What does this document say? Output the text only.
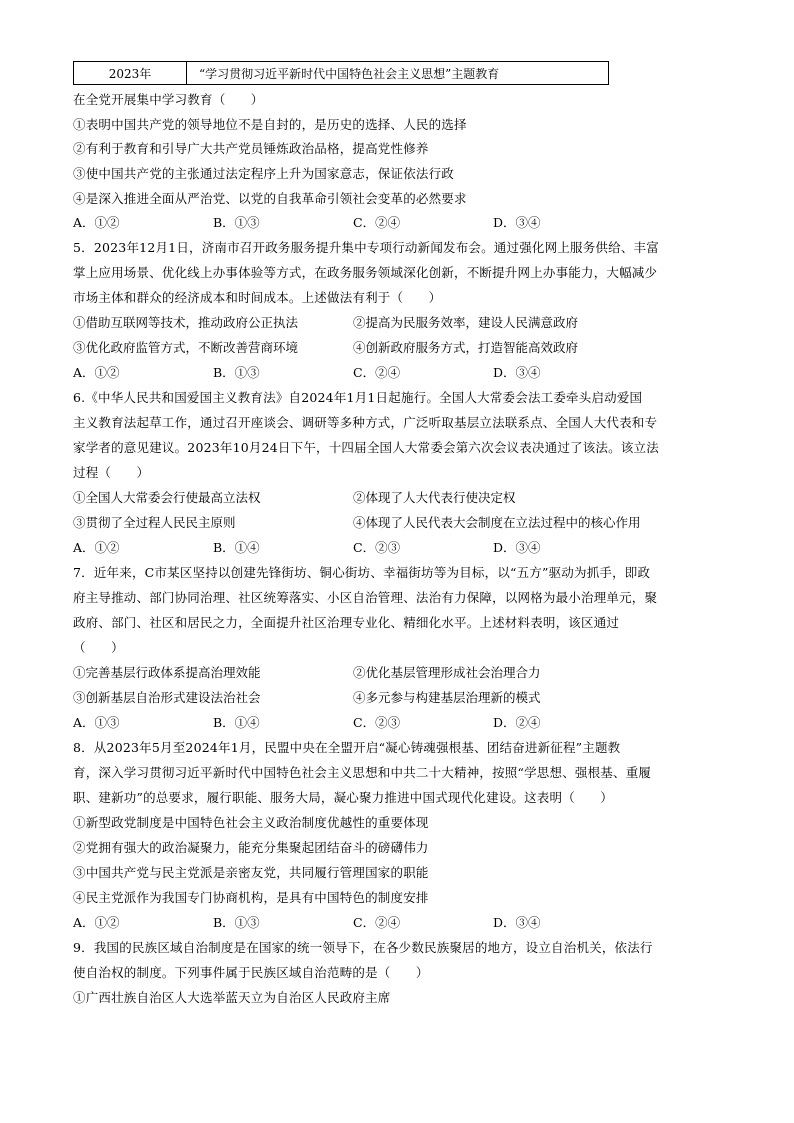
2023年	“学习贯彻习近平新时代中国特色社会主义思想”主题教育
在全党开展集中学习教育（　　）
①表明中国共产党的领导地位不是自封的，是历史的选择、人民的选择
②有利于教育和引导广大共产党员锤炼政治品格，提高党性修养
③使中国共产党的主张通过法定程序上升为国家意志，保证依法行政
④是深入推进全面从严治党、以党的自我革命引领社会变革的必然要求
A．①②	B．①③	C．②④	D．③④
5．2023年12月1日，济南市召开政务服务提升集中专项行动新闻发布会。通过强化网上服务供给、丰富
掌上应用场景、优化线上办事体验等方式，在政务服务领域深化创新，不断提升网上办事能力，大幅减少
市场主体和群众的经济成本和时间成本。上述做法有利于（　　）
①借助互联网等技术，推动政府公正执法	②提高为民服务效率，建设人民满意政府
③优化政府监管方式，不断改善营商环境	④创新政府服务方式，打造智能高效政府
A．①②	B．①③	C．②④	D．③④
6.《中华人民共和国爱国主义教育法》自2024年1月1日起施行。全国人大常委会法工委牵头启动爱国
主义教育法起草工作，通过召开座谈会、调研等多种方式，广泛听取基层立法联系点、全国人大代表和专
家学者的意见建议。2023年10月24日下午，十四届全国人大常委会第六次会议表决通过了该法。该立法
过程（　　）
①全国人大常委会行使最高立法权	②体现了人大代表行使决定权
③贯彻了全过程人民民主原则	④体现了人民代表大会制度在立法过程中的核心作用
A．①②	B．①④	C．②③	D．③④
7．近年来，C市某区坚持以创建先锋街坊、铜心街坊、幸福街坊等为目标，以“五方”驱动为抓手，即政
府主导推动、部门协同治理、社区统筹落实、小区自治管理、法治有力保障，以网格为最小治理单元，聚
政府、部门、社区和居民之力，全面提升社区治理专业化、精细化水平。上述材料表明，该区通过
（　　）
①完善基层行政体系提高治理效能	②优化基层管理形成社会治理合力
③创新基层自治形式建设法治社会	④多元参与构建基层治理新的模式
A．①③	B．①④	C．②③	D．②④
8．从2023年5月至2024年1月，民盟中央在全盟开启“凝心铸魂强根基、团结奋进新征程”主题教
育，深入学习贯彻习近平新时代中国特色社会主义思想和中共二十大精神，按照“学思想、强根基、重履
职、建新功”的总要求，履行职能、服务大局，凝心聚力推进中国式现代化建设。这表明（　　）
①新型政党制度是中国特色社会主义政治制度优越性的重要体现
②党拥有强大的政治凝聚力，能充分集聚起团结奋斗的磅礴伟力
③中国共产党与民主党派是亲密友党，共同履行管理国家的职能
④民主党派作为我国专门协商机构，是具有中国特色的制度安排
A．①②	B．①③	C．②④	D．③④
9．我国的民族区域自治制度是在国家的统一领导下，在各少数民族聚居的地方，设立自治机关，依法行
使自治权的制度。下列事件属于民族区域自治范畴的是（　　）
①广西壮族自治区人大选举蓝天立为自治区人民政府主席
